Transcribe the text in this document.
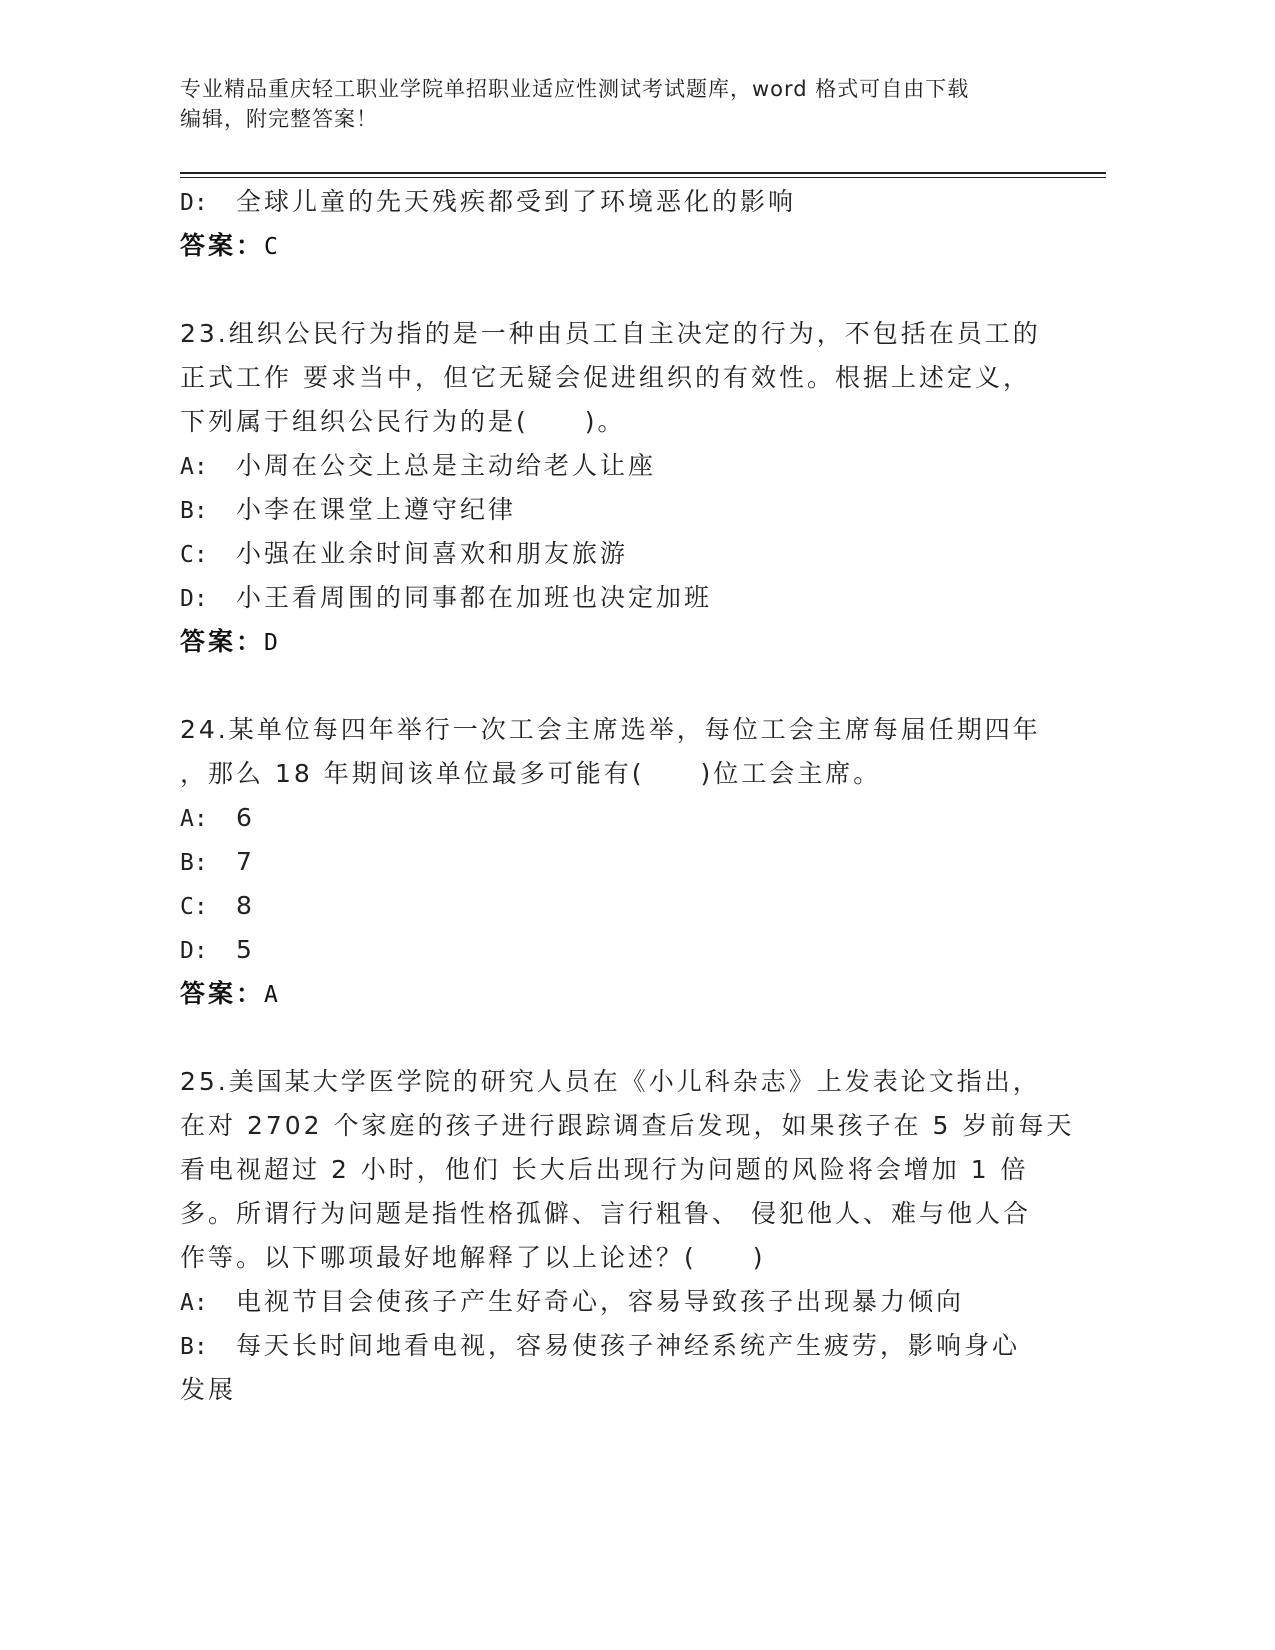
专业精品重庆轻工职业学院单招职业适应性测试考试题库，word 格式可自由下载
编辑，附完整答案！
D: 全球儿童的先天残疾都受到了环境恶化的影响
答案：C
23.组织公民行为指的是一种由员工自主决定的行为，不包括在员工的
正式工作 要求当中，但它无疑会促进组织的有效性。根据上述定义，
下列属于组织公民行为的是(　　)。
A: 小周在公交上总是主动给老人让座
B: 小李在课堂上遵守纪律
C: 小强在业余时间喜欢和朋友旅游
D: 小王看周围的同事都在加班也决定加班
答案：D
24.某单位每四年举行一次工会主席选举，每位工会主席每届任期四年
，那么 18 年期间该单位最多可能有(　　)位工会主席。
A: 6
B: 7
C: 8
D: 5
答案：A
25.美国某大学医学院的研究人员在《小儿科杂志》上发表论文指出，
在对 2702 个家庭的孩子进行跟踪调查后发现，如果孩子在 5 岁前每天
看电视超过 2 小时，他们 长大后出现行为问题的风险将会增加 1 倍
多。所谓行为问题是指性格孤僻、言行粗鲁、 侵犯他人、难与他人合
作等。以下哪项最好地解释了以上论述？(　　)
A: 电视节目会使孩子产生好奇心，容易导致孩子出现暴力倾向
B: 每天长时间地看电视，容易使孩子神经系统产生疲劳，影响身心
发展
